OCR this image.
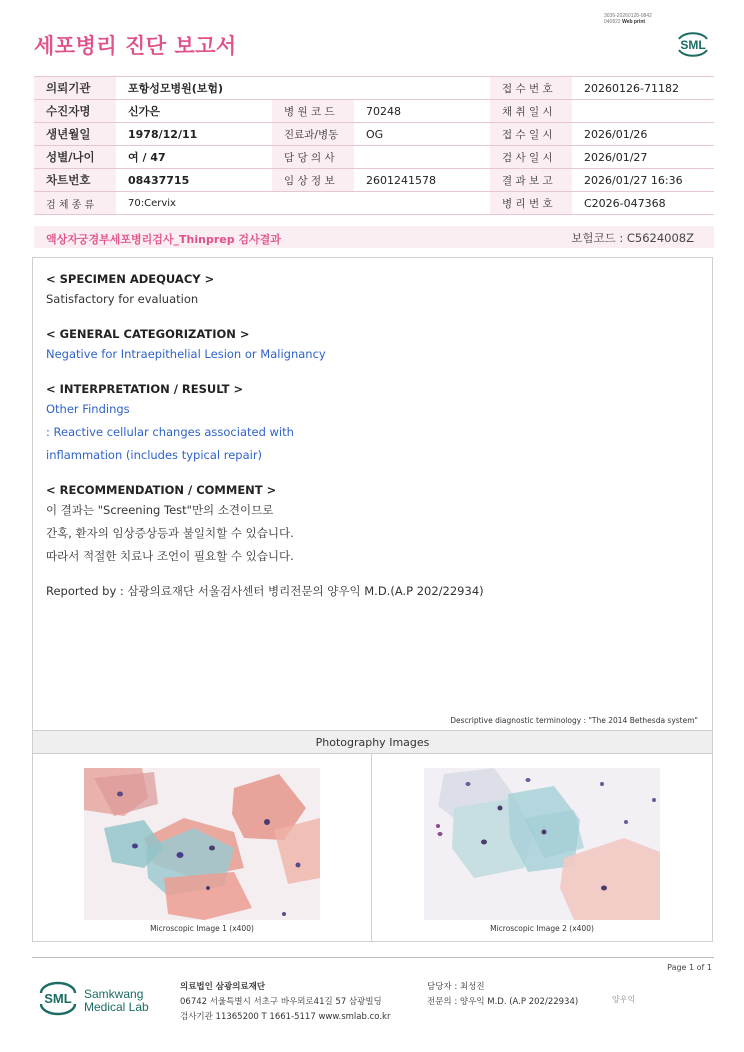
3036-20260128-0842
040822 Web print
세포병리 진단 보고서	SML
의뢰기관	포항성모병원(보험)			접 수 번 호	20260126-71182
수진자명	신가은	병 원 코 드	70248	채 취 일 시	
생년월일	1978/12/11	진료과/병동	OG	접 수 일 시	2026/01/26
성별/나이	여 / 47	담 당 의 사		검 사 일 시	2026/01/27
차트번호	08437715	임 상 정 보	2601241578	결 과 보 고	2026/01/27 16:36
검 체 종 류	70:Cervix			병 리 번 호	C2026-047368
액상자궁경부세포병리검사_Thinprep 검사결과	보험코드 : C5624008Z
< SPECIMEN ADEQUACY >
Satisfactory for evaluation
< GENERAL CATEGORIZATION >
Negative for Intraepithelial Lesion or Malignancy
< INTERPRETATION / RESULT >
Other Findings
: Reactive cellular changes associated with
inflammation (includes typical repair)
< RECOMMENDATION / COMMENT >
이 결과는 "Screening Test"만의 소견이므로
간혹, 환자의 임상증상등과 불일치할 수 있습니다.
따라서 적절한 치료나 조언이 필요할 수 있습니다.
Reported by : 삼광의료재단 서울검사센터 병리전문의 양우익 M.D.(A.P 202/22934)
Descriptive diagnostic terminology : "The 2014 Bethesda system"
Photography Images
Microscopic Image 1 (x400)	Microscopic Image 2 (x400)
Page 1 of 1
SML Samkwang
Medical Lab
의료법인 삼광의료재단
06742 서울특별시 서초구 바우뫼로41길 57 삼광빌딩
검사기관 11365200 T 1661-5117 www.smlab.co.kr
담당자 : 최성진
전문의 : 양우익 M.D. (A.P 202/22934)	양우익
